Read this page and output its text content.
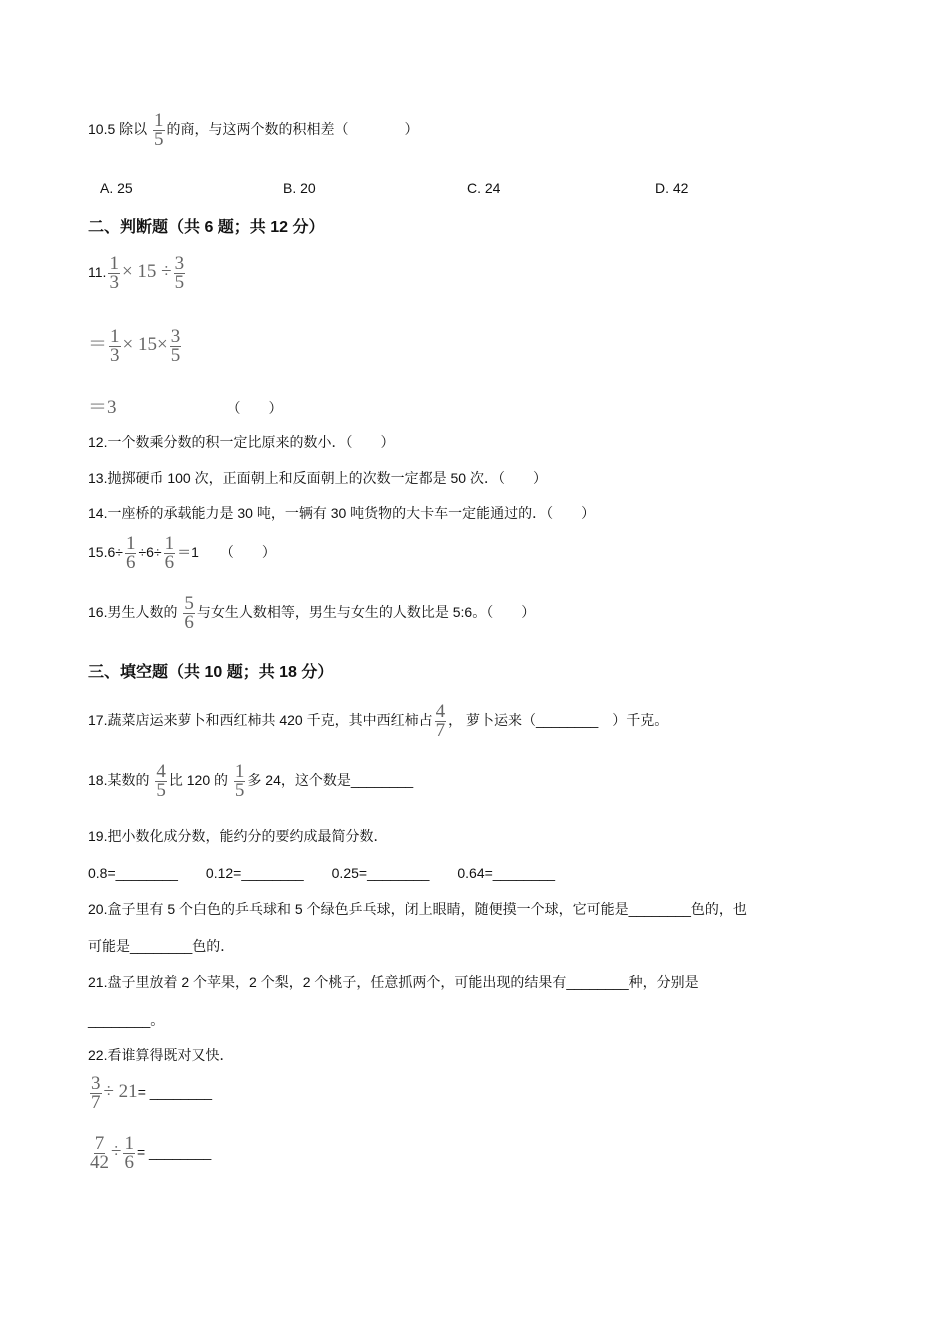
10.5 除以 $\frac{1}{5}$ 的商，与这两个数的积相差（　　　　）
A. 25	B. 20	C. 24	D. 42
二、判断题（共 6 题；共 12 分）
11. $\frac{1}{3} \times 15 \div \frac{3}{5}$
＝ $\frac{1}{3} \times 15\times \frac{3}{5}$
＝3	（　　）
12.一个数乘分数的积一定比原来的数小．（　　）
13.抛掷硬币 100 次，正面朝上和反面朝上的次数一定都是 50 次．（　　）
14.一座桥的承载能力是 30 吨，一辆有 30 吨货物的大卡车一定能通过的．（　　）
$15.6\div \frac{1}{6} \div 6\div \frac{1}{6} =1$　　（　　）
16.男生人数的 $\frac{5}{6}$ 与女生人数相等，男生与女生的人数比是 5:6。（　　）
三、填空题（共 10 题；共 18 分）
17.蔬菜店运来萝卜和西红柿共 420 千克，其中西红柿占 $\frac{4}{7}$ ， 萝卜运来（________　）千克。
18.某数的 $\frac{4}{5}$ 比 120 的 $\frac{1}{5}$ 多 24，这个数是________
19.把小数化成分数，能约分的要约成最简分数．
0.8=________　　0.12=________　　0.25=________　　0.64=________
20.盒子里有 5 个白色的乒乓球和 5 个绿色乒乓球，闭上眼睛，随便摸一个球，它可能是________色的，也
可能是________色的．
21.盘子里放着 2 个苹果，2 个梨，2 个桃子，任意抓两个，可能出现的结果有________种，分别是
________。
22.看谁算得既对又快．
$\frac{3}{7} \div 21=$ ________
$\frac{7}{42} \div \frac{1}{6}$ = ________
